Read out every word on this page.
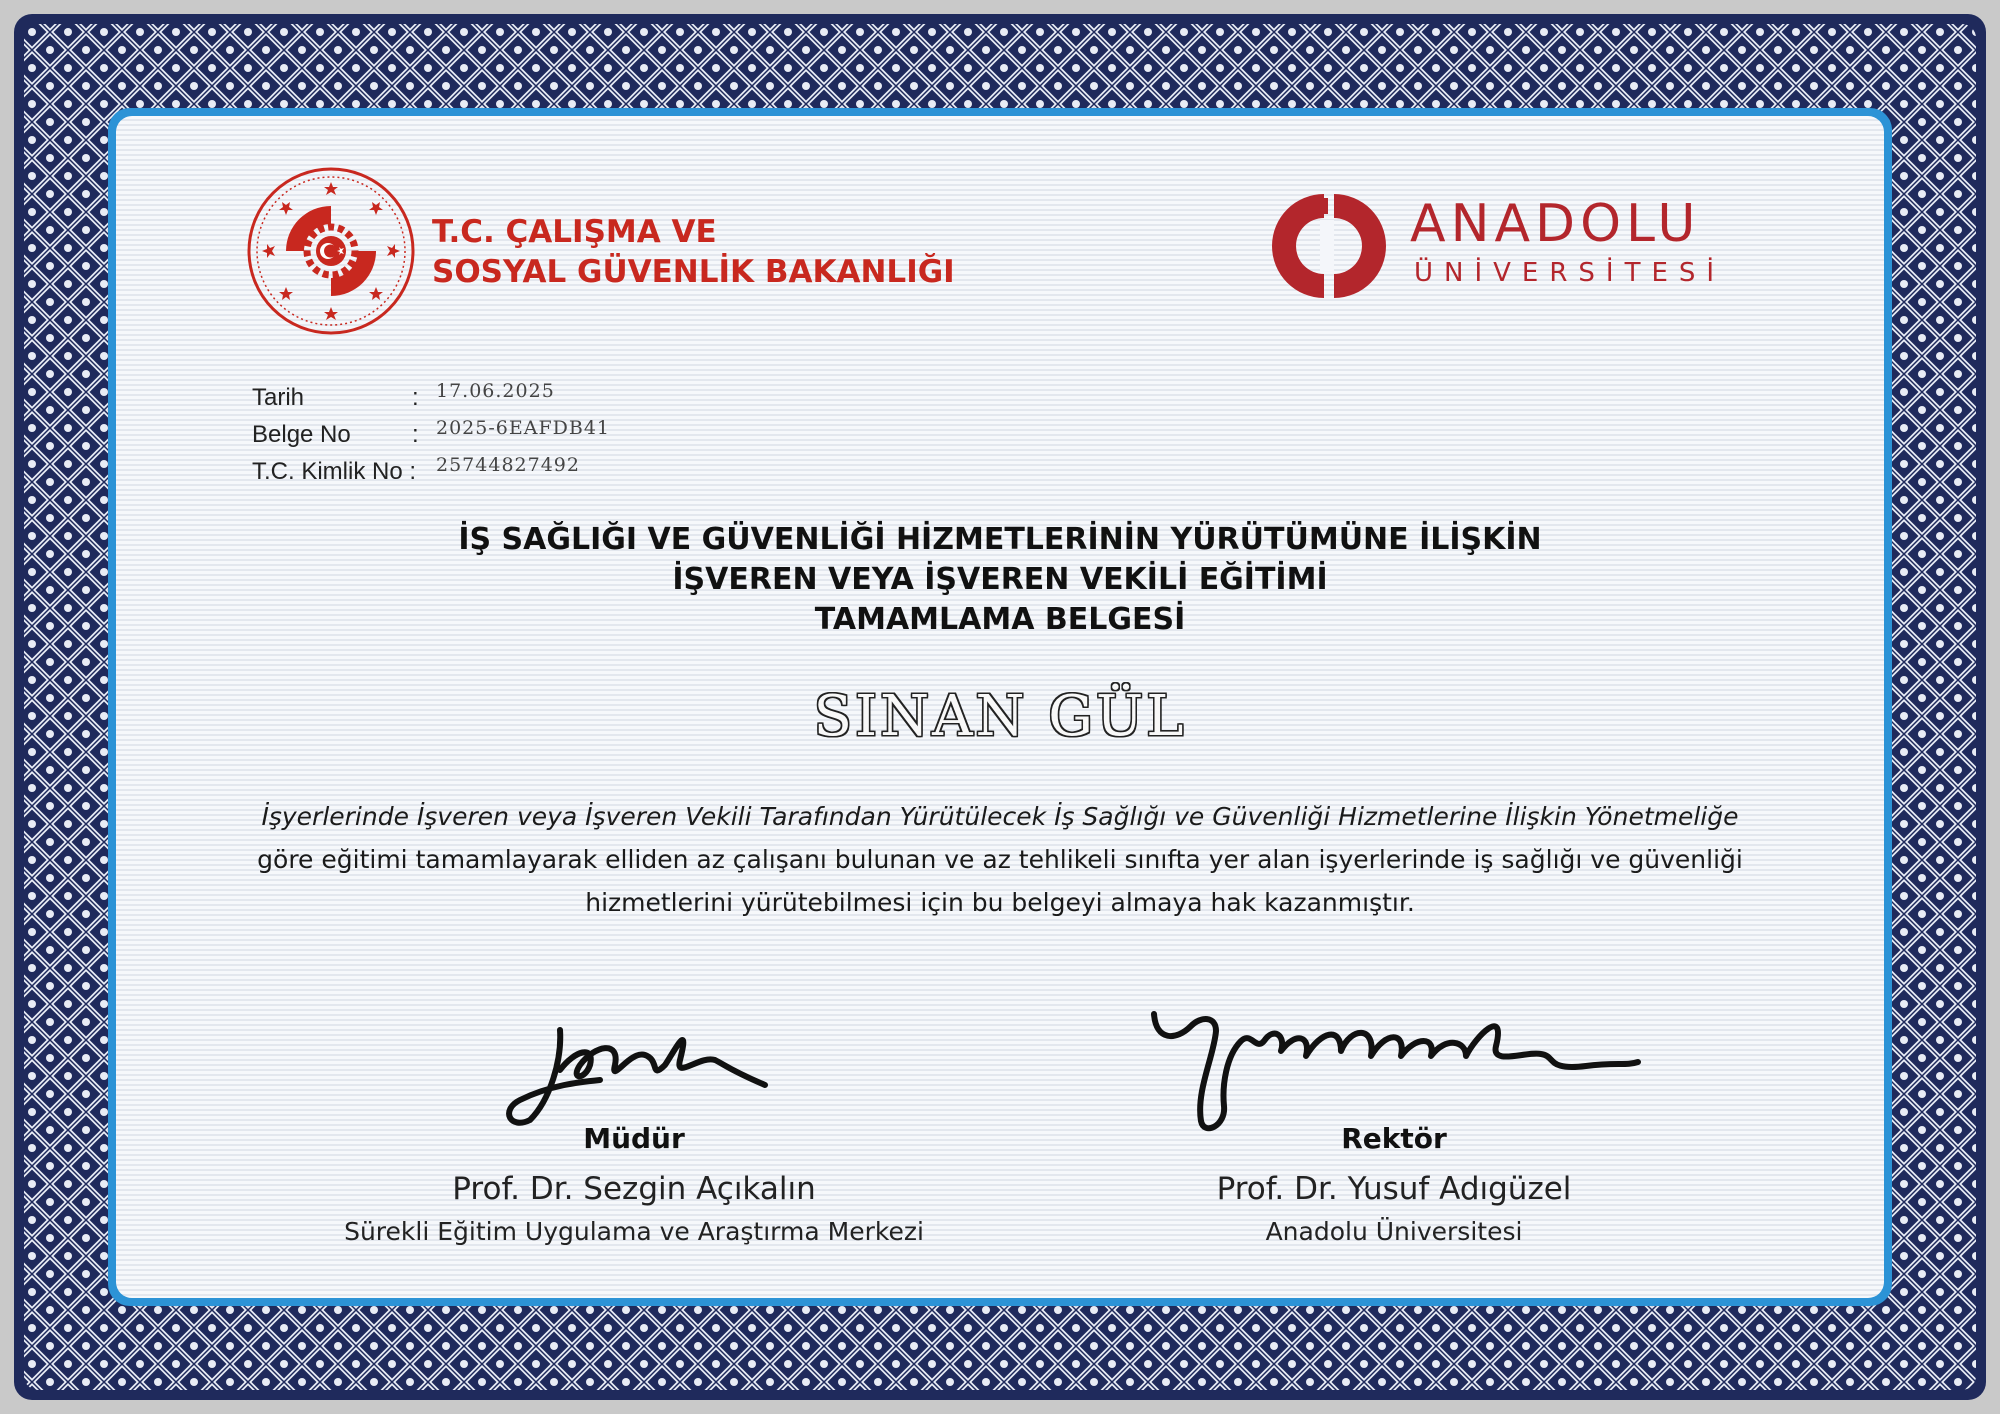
T.C. ÇALIŞMA VE
SOSYAL GÜVENLİK BAKANLIĞI
ANADOLU
ÜNİVERSİTESİ
Tarih	: 17.06.2025
Belge No	: 2025-6EAFDB41
T.C. Kimlik No : 25744827492
İŞ SAĞLIĞI VE GÜVENLİĞİ HİZMETLERİNİN YÜRÜTÜMÜNE İLİŞKİN
İŞVEREN VEYA İŞVEREN VEKİLİ EĞİTİMİ
TAMAMLAMA BELGESİ
SINAN GÜL
İşyerlerinde İşveren veya İşveren Vekili Tarafından Yürütülecek İş Sağlığı ve Güvenliği Hizmetlerine İlişkin Yönetmeliğe
göre eğitimi tamamlayarak elliden az çalışanı bulunan ve az tehlikeli sınıfta yer alan işyerlerinde iş sağlığı ve güvenliği
hizmetlerini yürütebilmesi için bu belgeyi almaya hak kazanmıştır.
Müdür
Prof. Dr. Sezgin Açıkalın
Sürekli Eğitim Uygulama ve Araştırma Merkezi
Rektör
Prof. Dr. Yusuf Adıgüzel
Anadolu Üniversitesi
